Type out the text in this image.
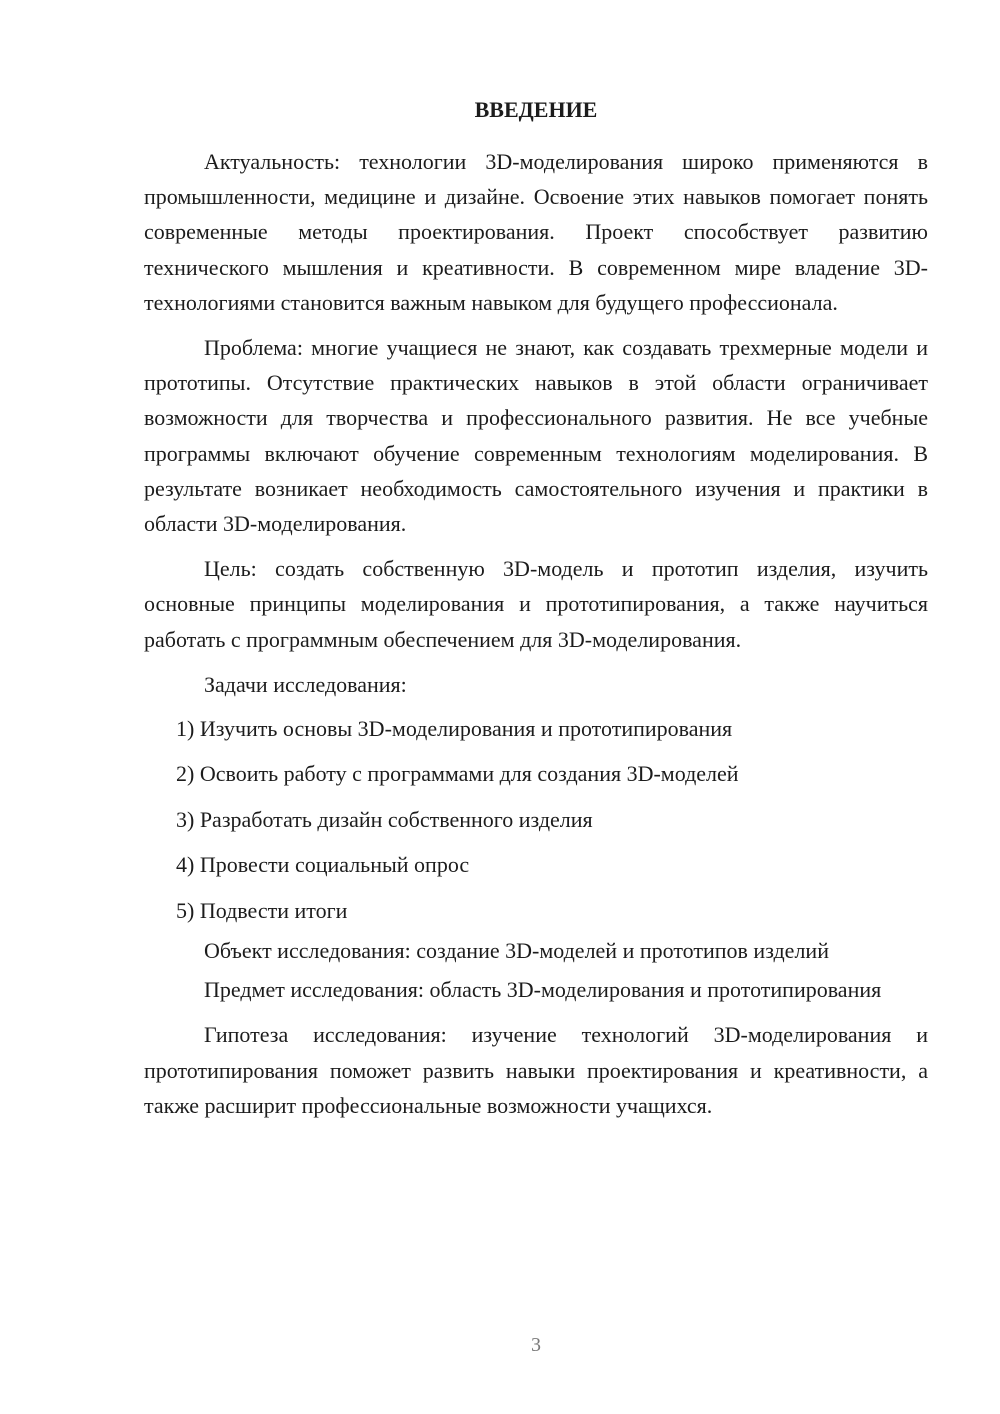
ВВЕДЕНИЕ

Актуальность: технологии 3D-моделирования широко применяются в промышленности, медицине и дизайне. Освоение этих навыков помогает понять современные методы проектирования. Проект способствует развитию технического мышления и креативности. В современном мире владение 3D-технологиями становится важным навыком для будущего профессионала.

Проблема: многие учащиеся не знают, как создавать трехмерные модели и прототипы. Отсутствие практических навыков в этой области ограничивает возможности для творчества и профессионального развития. Не все учебные программы включают обучение современным технологиям моделирования. В результате возникает необходимость самостоятельного изучения и практики в области 3D-моделирования.

Цель: создать собственную 3D-модель и прототип изделия, изучить основные принципы моделирования и прототипирования, а также научиться работать с программным обеспечением для 3D-моделирования.

Задачи исследования:

1) Изучить основы 3D-моделирования и прототипирования
2) Освоить работу с программами для создания 3D-моделей
3) Разработать дизайн собственного изделия
4) Провести социальный опрос
5) Подвести итоги

Объект исследования: создание 3D-моделей и прототипов изделий

Предмет исследования: область 3D-моделирования и прототипирования

Гипотеза исследования: изучение технологий 3D-моделирования и прототипирования поможет развить навыки проектирования и креативности, а также расширит профессиональные возможности учащихся.

3
